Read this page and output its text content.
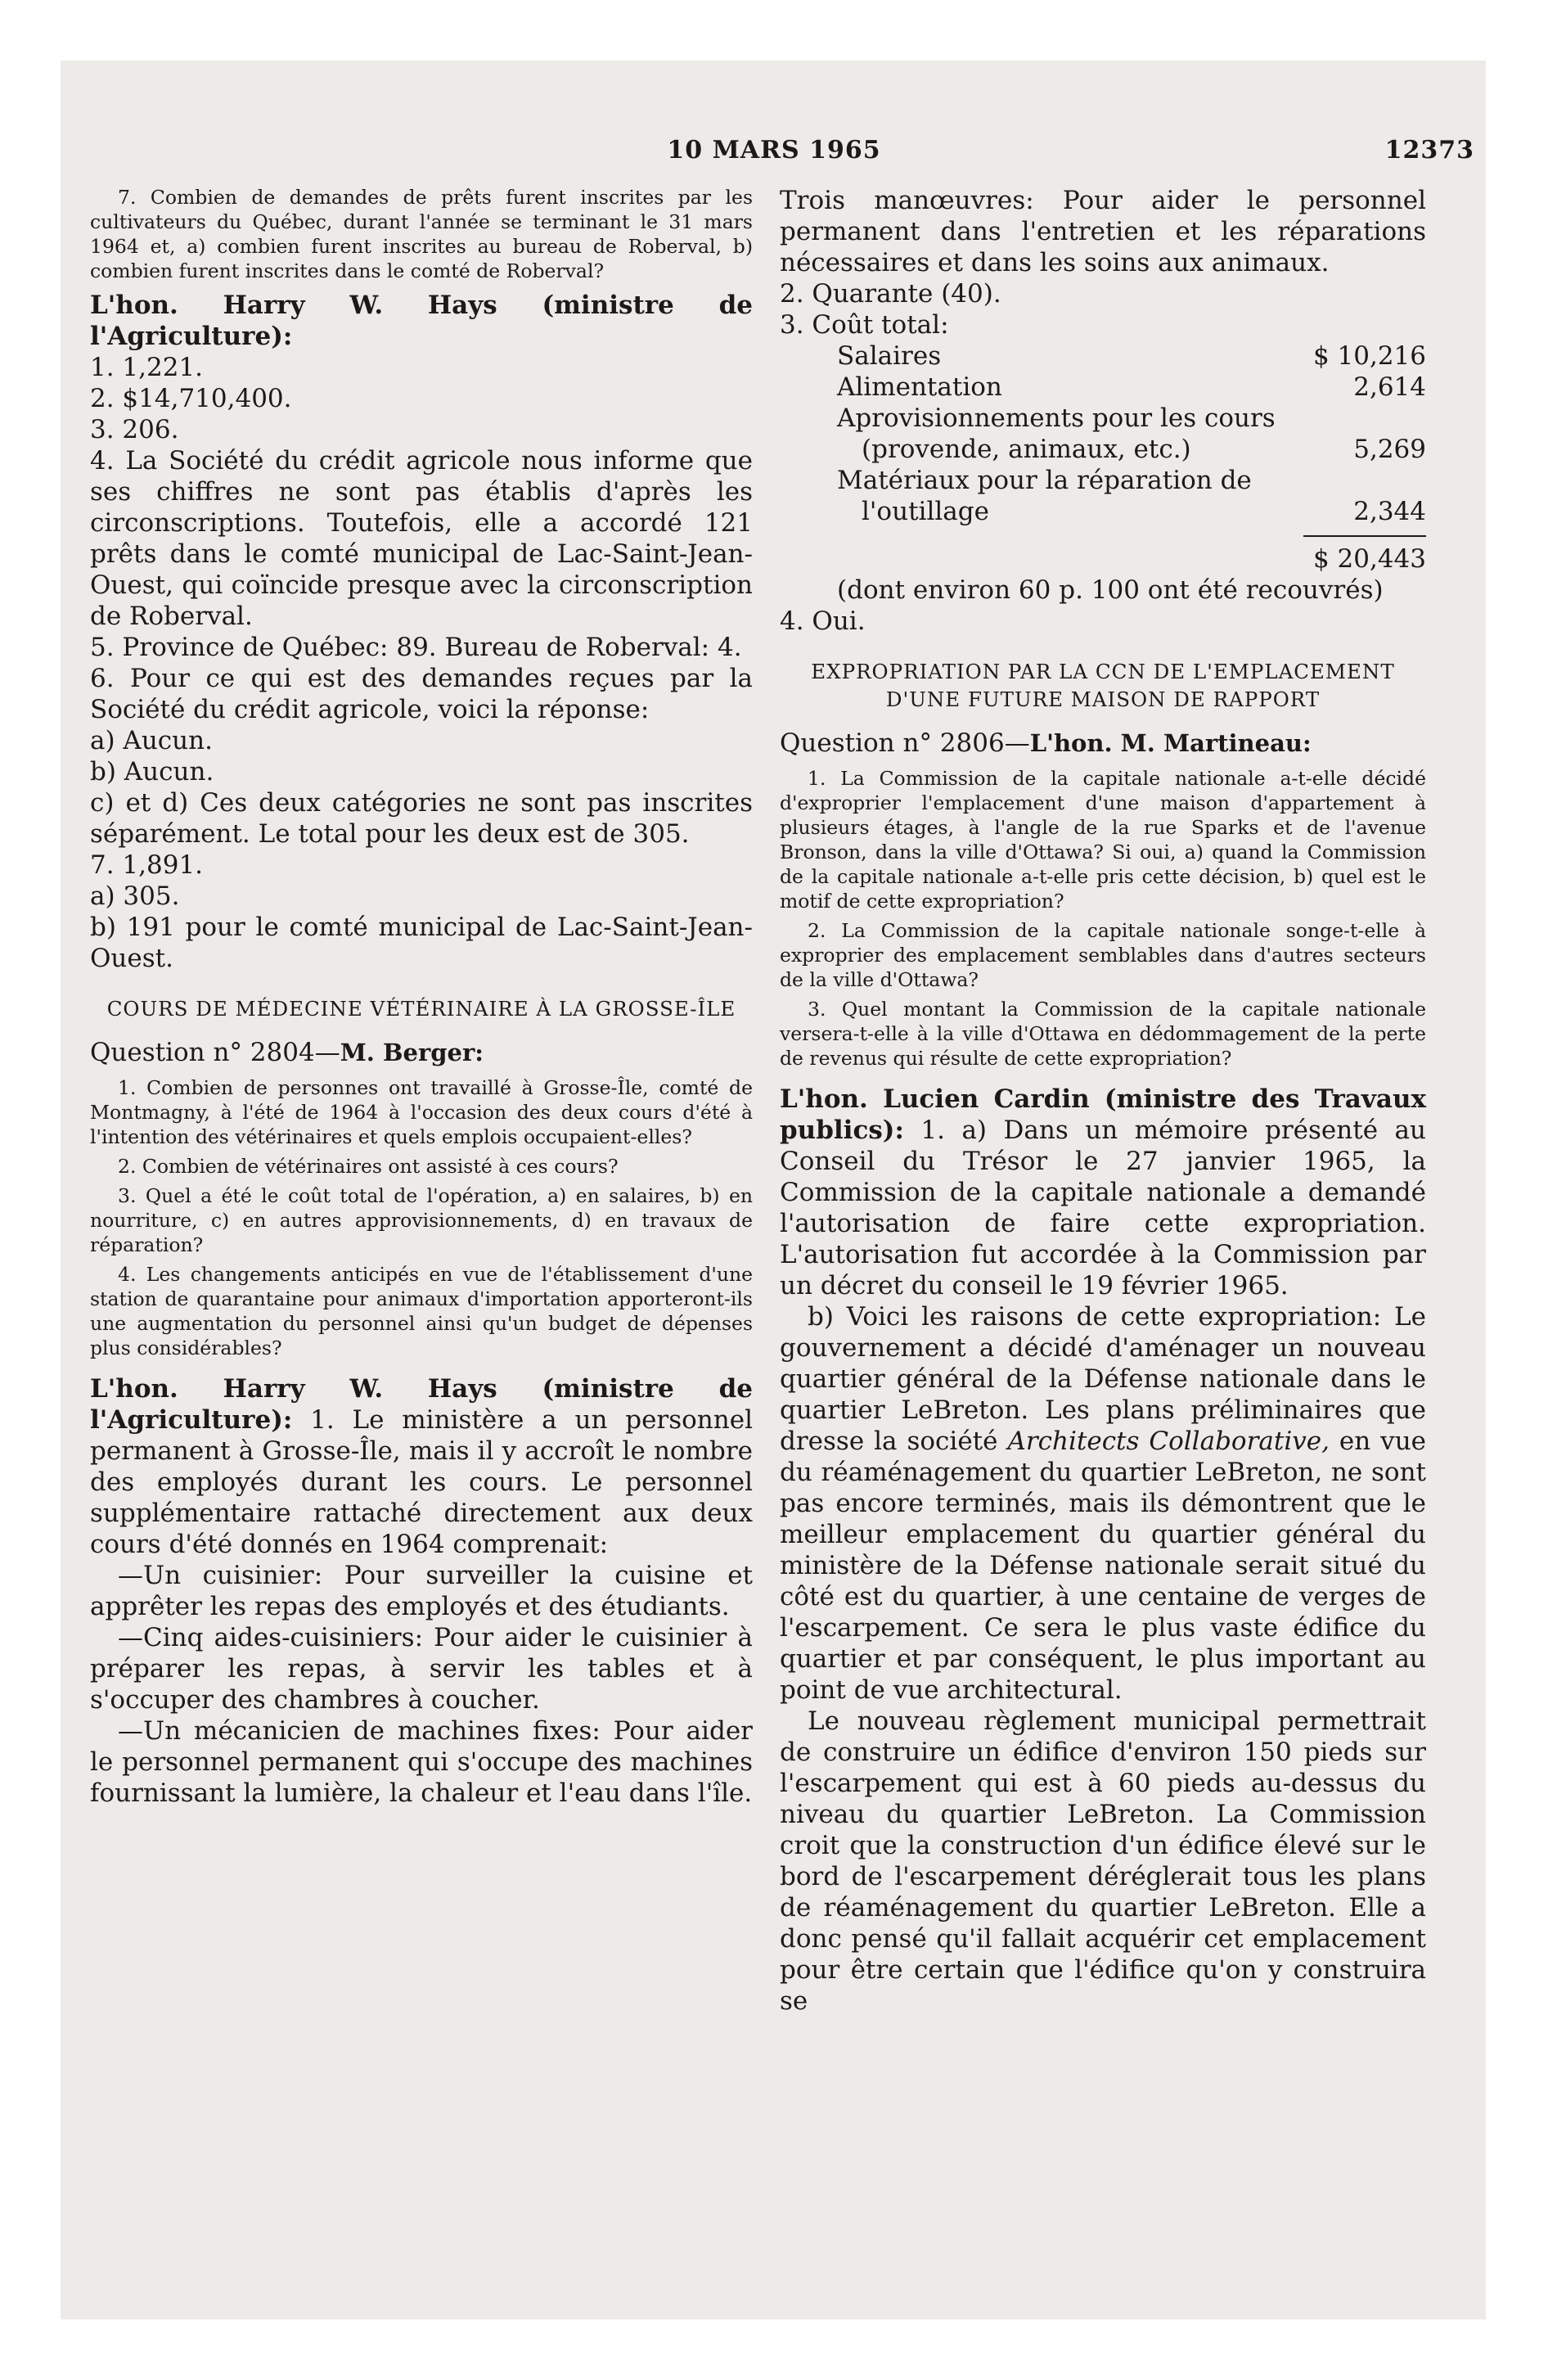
10 MARS 1965	12373

7. Combien de demandes de prêts furent inscrites par les cultivateurs du Québec, durant l'année se terminant le 31 mars 1964 et, a) combien furent inscrites au bureau de Roberval, b) combien furent inscrites dans le comté de Roberval?

L'hon. Harry W. Hays (ministre de l'Agriculture):

1. 1,221.

2. $14,710,400.

3. 206.

4. La Société du crédit agricole nous informe que ses chiffres ne sont pas établis d'après les circonscriptions. Toutefois, elle a accordé 121 prêts dans le comté municipal de Lac-Saint-Jean-Ouest, qui coïncide presque avec la circonscription de Roberval.

5. Province de Québec: 89. Bureau de Roberval: 4.

6. Pour ce qui est des demandes reçues par la Société du crédit agricole, voici la réponse:

a) Aucun.

b) Aucun.

c) et d) Ces deux catégories ne sont pas inscrites séparément. Le total pour les deux est de 305.

7. 1,891.

a) 305.

b) 191 pour le comté municipal de Lac-Saint-Jean-Ouest.

COURS DE MÉDECINE VÉTÉRINAIRE À LA GROSSE-ÎLE
Question n° 2804—M. Berger:

1. Combien de personnes ont travaillé à Grosse-Île, comté de Montmagny, à l'été de 1964 à l'occasion des deux cours d'été à l'intention des vétérinaires et quels emplois occupaient-elles?

2. Combien de vétérinaires ont assisté à ces cours?

3. Quel a été le coût total de l'opération, a) en salaires, b) en nourriture, c) en autres approvisionnements, d) en travaux de réparation?

4. Les changements anticipés en vue de l'établissement d'une station de quarantaine pour animaux d'importation apporteront-ils une augmentation du personnel ainsi qu'un budget de dépenses plus considérables?

L'hon. Harry W. Hays (ministre de l'Agriculture): 1. Le ministère a un personnel permanent à Grosse-Île, mais il y accroît le nombre des employés durant les cours. Le personnel supplémentaire rattaché directement aux deux cours d'été donnés en 1964 comprenait:

—Un cuisinier: Pour surveiller la cuisine et apprêter les repas des employés et des étudiants.

—Cinq aides-cuisiniers: Pour aider le cuisinier à préparer les repas, à servir les tables et à s'occuper des chambres à coucher.

—Un mécanicien de machines fixes: Pour aider le personnel permanent qui s'occupe des machines fournissant la lumière, la chaleur et l'eau dans l'île.

Trois manœuvres: Pour aider le personnel permanent dans l'entretien et les réparations nécessaires et dans les soins aux animaux.

2. Quarante (40).

3. Coût total:

Salaires	$ 10,216
Alimentation	2,614
Aprovisionnements pour les cours
(provende, animaux, etc.)	5,269
Matériaux pour la réparation de
l'outillage	2,344
$ 20,443
(dont environ 60 p. 100 ont été recouvrés)

4. Oui.

EXPROPRIATION PAR LA CCN DE L'EMPLACEMENT D'UNE FUTURE MAISON DE RAPPORT
Question n° 2806—L'hon. M. Martineau:

1. La Commission de la capitale nationale a-t-elle décidé d'exproprier l'emplacement d'une maison d'appartement à plusieurs étages, à l'angle de la rue Sparks et de l'avenue Bronson, dans la ville d'Ottawa? Si oui, a) quand la Commission de la capitale nationale a-t-elle pris cette décision, b) quel est le motif de cette expropriation?

2. La Commission de la capitale nationale songe-t-elle à exproprier des emplacement semblables dans d'autres secteurs de la ville d'Ottawa?

3. Quel montant la Commission de la capitale nationale versera-t-elle à la ville d'Ottawa en dédommagement de la perte de revenus qui résulte de cette expropriation?

L'hon. Lucien Cardin (ministre des Travaux publics): 1. a) Dans un mémoire présenté au Conseil du Trésor le 27 janvier 1965, la Commission de la capitale nationale a demandé l'autorisation de faire cette expropriation. L'autorisation fut accordée à la Commission par un décret du conseil le 19 février 1965.

b) Voici les raisons de cette expropriation: Le gouvernement a décidé d'aménager un nouveau quartier général de la Défense nationale dans le quartier LeBreton. Les plans préliminaires que dresse la société Architects Collaborative, en vue du réaménagement du quartier LeBreton, ne sont pas encore terminés, mais ils démontrent que le meilleur emplacement du quartier général du ministère de la Défense nationale serait situé du côté est du quartier, à une centaine de verges de l'escarpement. Ce sera le plus vaste édifice du quartier et par conséquent, le plus important au point de vue architectural.

Le nouveau règlement municipal permettrait de construire un édifice d'environ 150 pieds sur l'escarpement qui est à 60 pieds au-dessus du niveau du quartier LeBreton. La Commission croit que la construction d'un édifice élevé sur le bord de l'escarpement déréglerait tous les plans de réaménagement du quartier LeBreton. Elle a donc pensé qu'il fallait acquérir cet emplacement pour être certain que l'édifice qu'on y construira se
